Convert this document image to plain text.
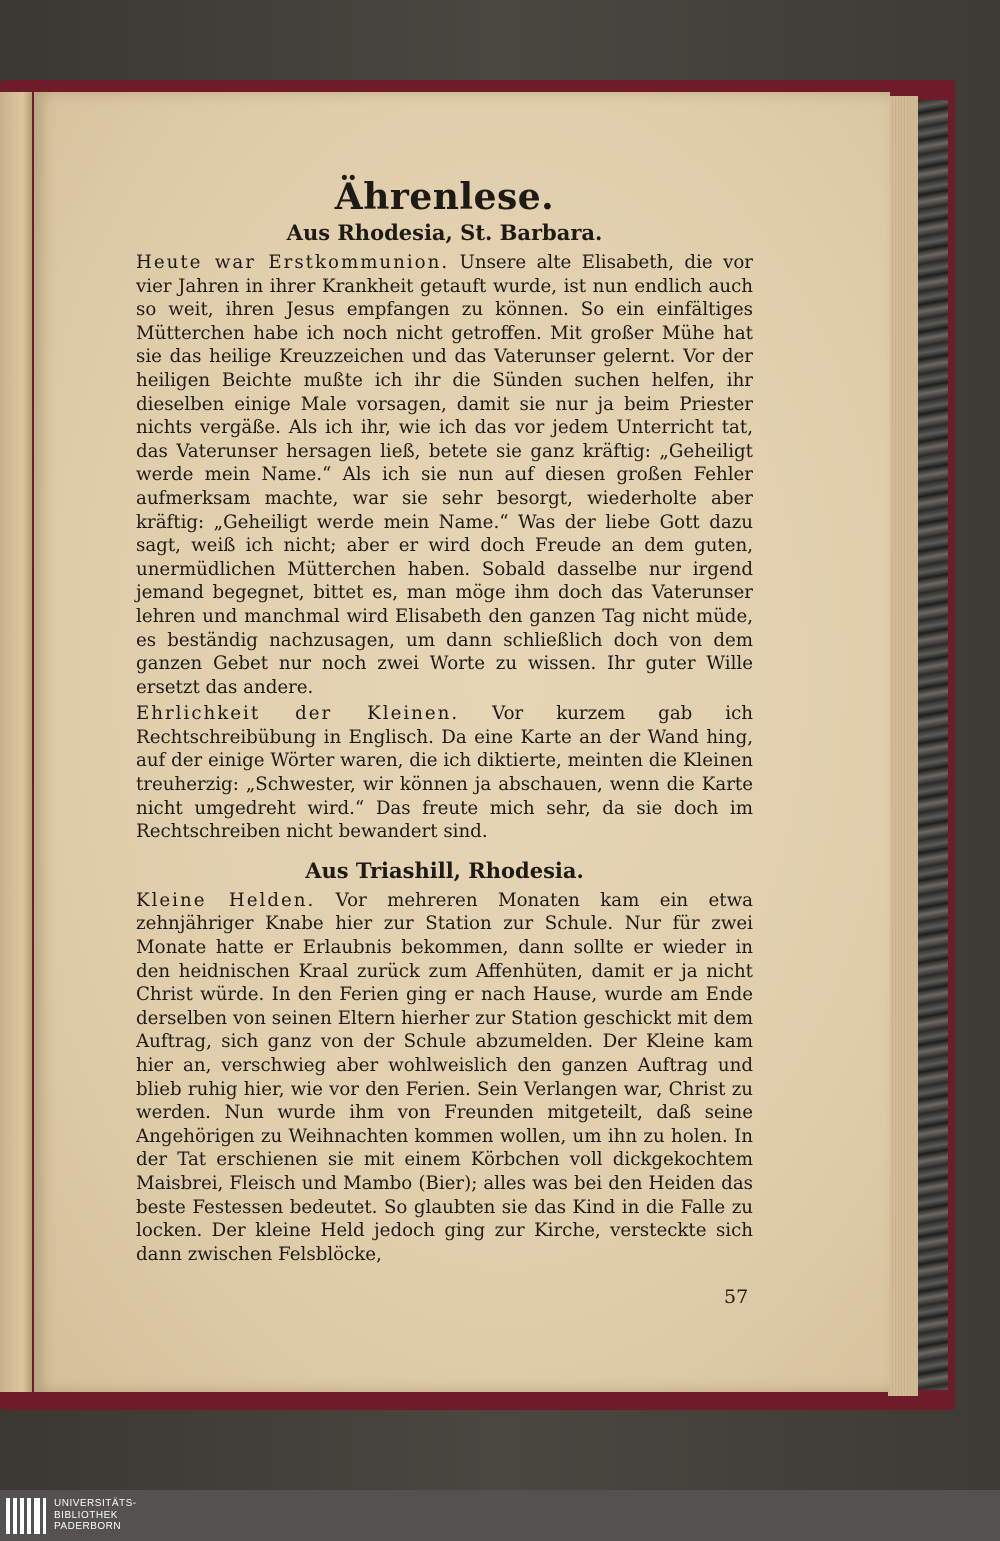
Ährenlese.
Aus Rhodesia, St. Barbara.

Heute war Erstkommunion. Unsere alte Elisabeth, die vor vier Jahren in ihrer Krankheit getauft wurde, ist nun endlich auch so weit, ihren Jesus empfangen zu können. So ein einfältiges Mütterchen habe ich noch nicht getroffen. Mit großer Mühe hat sie das heilige Kreuzzeichen und das Vaterunser gelernt. Vor der heiligen Beichte mußte ich ihr die Sünden suchen helfen, ihr dieselben einige Male vorsagen, damit sie nur ja beim Priester nichts vergäße. Als ich ihr, wie ich das vor jedem Unterricht tat, das Vaterunser hersagen ließ, betete sie ganz kräftig: „Geheiligt werde mein Name.“ Als ich sie nun auf diesen großen Fehler aufmerksam machte, war sie sehr besorgt, wiederholte aber kräftig: „Geheiligt werde mein Name.“ Was der liebe Gott dazu sagt, weiß ich nicht; aber er wird doch Freude an dem guten, unermüdlichen Mütterchen haben. Sobald dasselbe nur irgend jemand begegnet, bittet es, man möge ihm doch das Vaterunser lehren und manchmal wird Elisabeth den ganzen Tag nicht müde, es beständig nachzusagen, um dann schließlich doch von dem ganzen Gebet nur noch zwei Worte zu wissen. Ihr guter Wille ersetzt das andere.

Ehrlichkeit der Kleinen. Vor kurzem gab ich Rechtschreibübung in Englisch. Da eine Karte an der Wand hing, auf der einige Wörter waren, die ich diktierte, meinten die Kleinen treuherzig: „Schwester, wir können ja abschauen, wenn die Karte nicht umgedreht wird.“ Das freute mich sehr, da sie doch im Rechtschreiben nicht bewandert sind.

Aus Triashill, Rhodesia.

Kleine Helden. Vor mehreren Monaten kam ein etwa zehnjähriger Knabe hier zur Station zur Schule. Nur für zwei Monate hatte er Erlaubnis bekommen, dann sollte er wieder in den heidnischen Kraal zurück zum Affenhüten, damit er ja nicht Christ würde. In den Ferien ging er nach Hause, wurde am Ende derselben von seinen Eltern hierher zur Station geschickt mit dem Auftrag, sich ganz von der Schule abzumelden. Der Kleine kam hier an, verschwieg aber wohlweislich den ganzen Auftrag und blieb ruhig hier, wie vor den Ferien. Sein Verlangen war, Christ zu werden. Nun wurde ihm von Freunden mitgeteilt, daß seine Angehörigen zu Weihnachten kommen wollen, um ihn zu holen. In der Tat erschienen sie mit einem Körbchen voll dickgekochtem Maisbrei, Fleisch und Mambo (Bier); alles was bei den Heiden das beste Festessen bedeutet. So glaubten sie das Kind in die Falle zu locken. Der kleine Held jedoch ging zur Kirche, versteckte sich dann zwischen Felsblöcke,

57
UNIVERSITÄTS-
BIBLIOTHEK
PADERBORN
